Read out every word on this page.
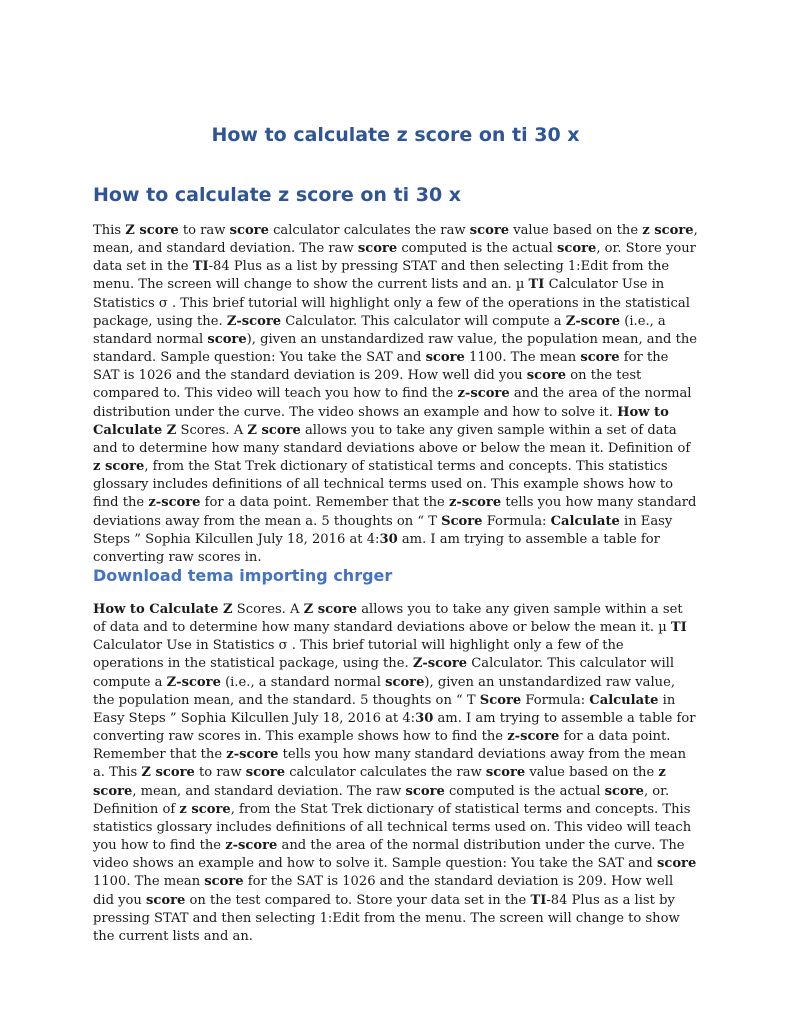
How to calculate z score on ti 30 x
How to calculate z score on ti 30 x

This Z score to raw score calculator calculates the raw score value based on the z score, mean, and standard deviation. The raw score computed is the actual score, or. Store your data set in the TI-84 Plus as a list by pressing STAT and then selecting 1:Edit from the menu. The screen will change to show the current lists and an. µ TI Calculator Use in Statistics σ . This brief tutorial will highlight only a few of the operations in the statistical package, using the. Z-score Calculator. This calculator will compute a Z-score (i.e., a standard normal score), given an unstandardized raw value, the population mean, and the standard. Sample question: You take the SAT and score 1100. The mean score for the SAT is 1026 and the standard deviation is 209. How well did you score on the test compared to. This video will teach you how to find the z-score and the area of the normal distribution under the curve. The video shows an example and how to solve it. How to Calculate Z Scores. A Z score allows you to take any given sample within a set of data and to determine how many standard deviations above or below the mean it. Definition of z score, from the Stat Trek dictionary of statistical terms and concepts. This statistics glossary includes definitions of all technical terms used on. This example shows how to find the z-score for a data point. Remember that the z-score tells you how many standard deviations away from the mean a. 5 thoughts on “ T Score Formula: Calculate in Easy Steps ” Sophia Kilcullen July 18, 2016 at 4:30 am. I am trying to assemble a table for converting raw scores in.

Download tema importing chrger

How to Calculate Z Scores. A Z score allows you to take any given sample within a set of data and to determine how many standard deviations above or below the mean it. µ TI Calculator Use in Statistics σ . This brief tutorial will highlight only a few of the operations in the statistical package, using the. Z-score Calculator. This calculator will compute a Z-score (i.e., a standard normal score), given an unstandardized raw value, the population mean, and the standard. 5 thoughts on “ T Score Formula: Calculate in Easy Steps ” Sophia Kilcullen July 18, 2016 at 4:30 am. I am trying to assemble a table for converting raw scores in. This example shows how to find the z-score for a data point. Remember that the z-score tells you how many standard deviations away from the mean a. This Z score to raw score calculator calculates the raw score value based on the z score, mean, and standard deviation. The raw score computed is the actual score, or. Definition of z score, from the Stat Trek dictionary of statistical terms and concepts. This statistics glossary includes definitions of all technical terms used on. This video will teach you how to find the z-score and the area of the normal distribution under the curve. The video shows an example and how to solve it. Sample question: You take the SAT and score 1100. The mean score for the SAT is 1026 and the standard deviation is 209. How well did you score on the test compared to. Store your data set in the TI-84 Plus as a list by pressing STAT and then selecting 1:Edit from the menu. The screen will change to show the current lists and an.
